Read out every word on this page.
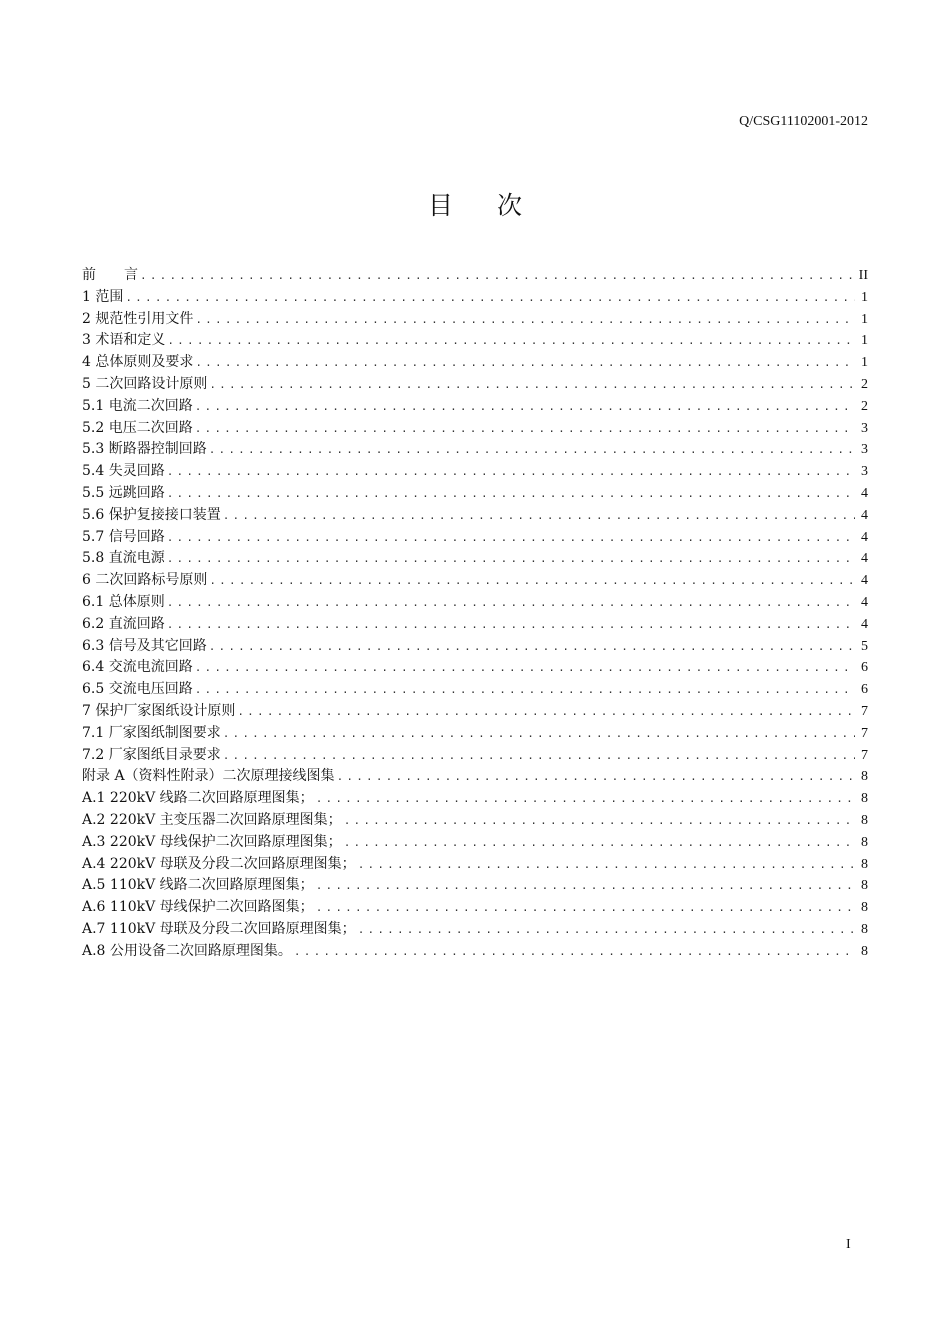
Q/CSG11102001-2012
目次
前　　言 .....	II
1 范围 .....	1
2 规范性引用文件 .....	1
3 术语和定义 .....	1
4 总体原则及要求 .....	1
5 二次回路设计原则 .....	2
5.1 电流二次回路 .....	2
5.2 电压二次回路 .....	3
5.3 断路器控制回路 .....	3
5.4 失灵回路 .....	3
5.5 远跳回路 .....	4
5.6 保护复接接口装置 .....	4
5.7 信号回路 .....	4
5.8 直流电源 .....	4
6 二次回路标号原则 .....	4
6.1 总体原则 .....	4
6.2 直流回路 .....	4
6.3 信号及其它回路 .....	5
6.4 交流电流回路 .....	6
6.5 交流电压回路 .....	6
7 保护厂家图纸设计原则 .....	7
7.1 厂家图纸制图要求 .....	7
7.2 厂家图纸目录要求 .....	7
附录 A（资料性附录）二次原理接线图集 .....	8
A.1 220kV 线路二次回路原理图集； .....	8
A.2 220kV 主变压器二次回路原理图集； .....	8
A.3 220kV 母线保护二次回路原理图集； .....	8
A.4 220kV 母联及分段二次回路原理图集； .....	8
A.5 110kV 线路二次回路原理图集； .....	8
A.6 110kV 母线保护二次回路图集； .....	8
A.7 110kV 母联及分段二次回路原理图集； .....	8
A.8 公用设备二次回路原理图集。 .....	8
I
